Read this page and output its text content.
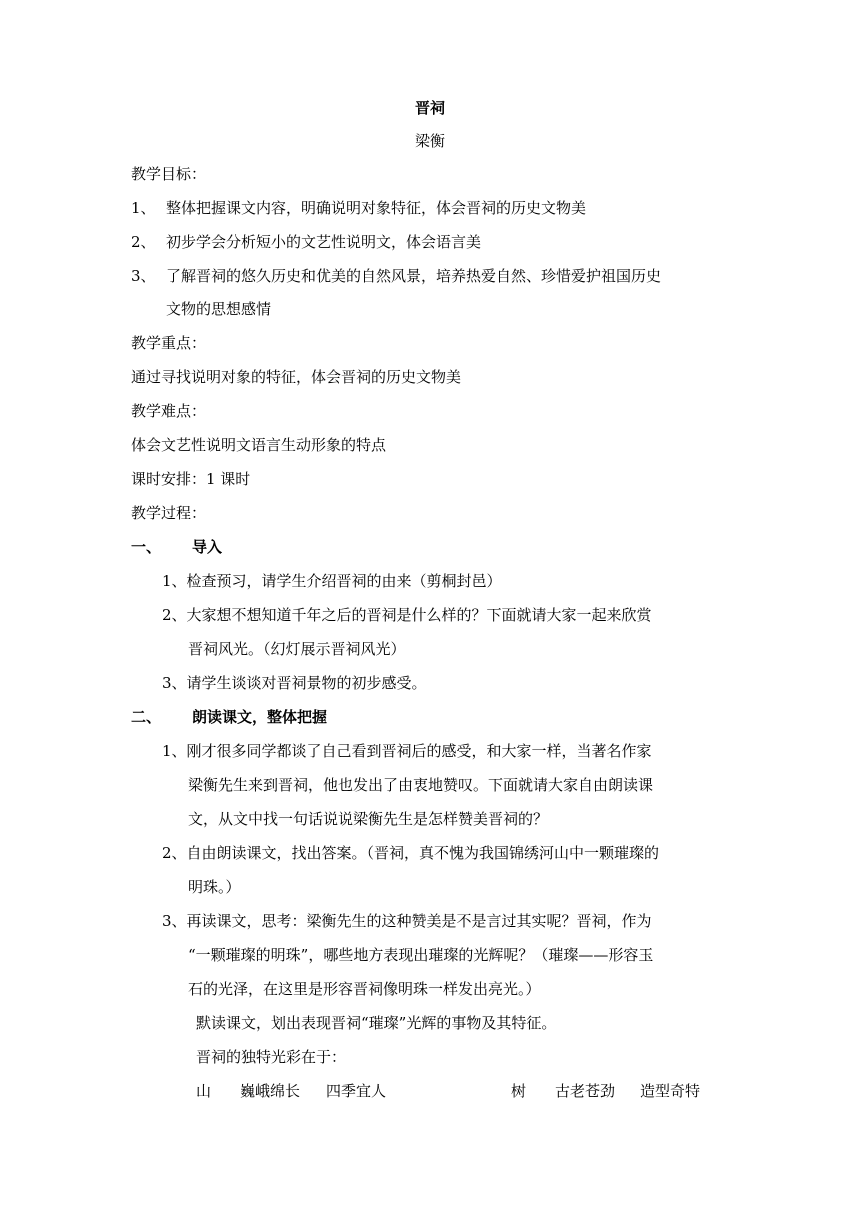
晋祠
梁衡
教学目标：
1、 整体把握课文内容，明确说明对象特征，体会晋祠的历史文物美
2、 初步学会分析短小的文艺性说明文，体会语言美
3、 了解晋祠的悠久历史和优美的自然风景，培养热爱自然、珍惜爱护祖国历史
文物的思想感情
教学重点：
通过寻找说明对象的特征，体会晋祠的历史文物美
教学难点：
体会文艺性说明文语言生动形象的特点
课时安排：1 课时
教学过程：
一、 导入
1、检查预习，请学生介绍晋祠的由来（剪桐封邑）
2、大家想不想知道千年之后的晋祠是什么样的？下面就请大家一起来欣赏
晋祠风光。（幻灯展示晋祠风光）
3、请学生谈谈对晋祠景物的初步感受。
二、 朗读课文，整体把握
1、刚才很多同学都谈了自己看到晋祠后的感受，和大家一样，当著名作家
梁衡先生来到晋祠，他也发出了由衷地赞叹。下面就请大家自由朗读课
文，从文中找一句话说说梁衡先生是怎样赞美晋祠的？
2、自由朗读课文，找出答案。（晋祠，真不愧为我国锦绣河山中一颗璀璨的
明珠。）
3、再读课文，思考：梁衡先生的这种赞美是不是言过其实呢？晋祠，作为
“一颗璀璨的明珠”，哪些地方表现出璀璨的光辉呢？（璀璨——形容玉
石的光泽，在这里是形容晋祠像明珠一样发出亮光。）
默读课文，划出表现晋祠“璀璨”光辉的事物及其特征。
晋祠的独特光彩在于：
山 巍峨绵长 四季宜人	树 古老苍劲 造型奇特
